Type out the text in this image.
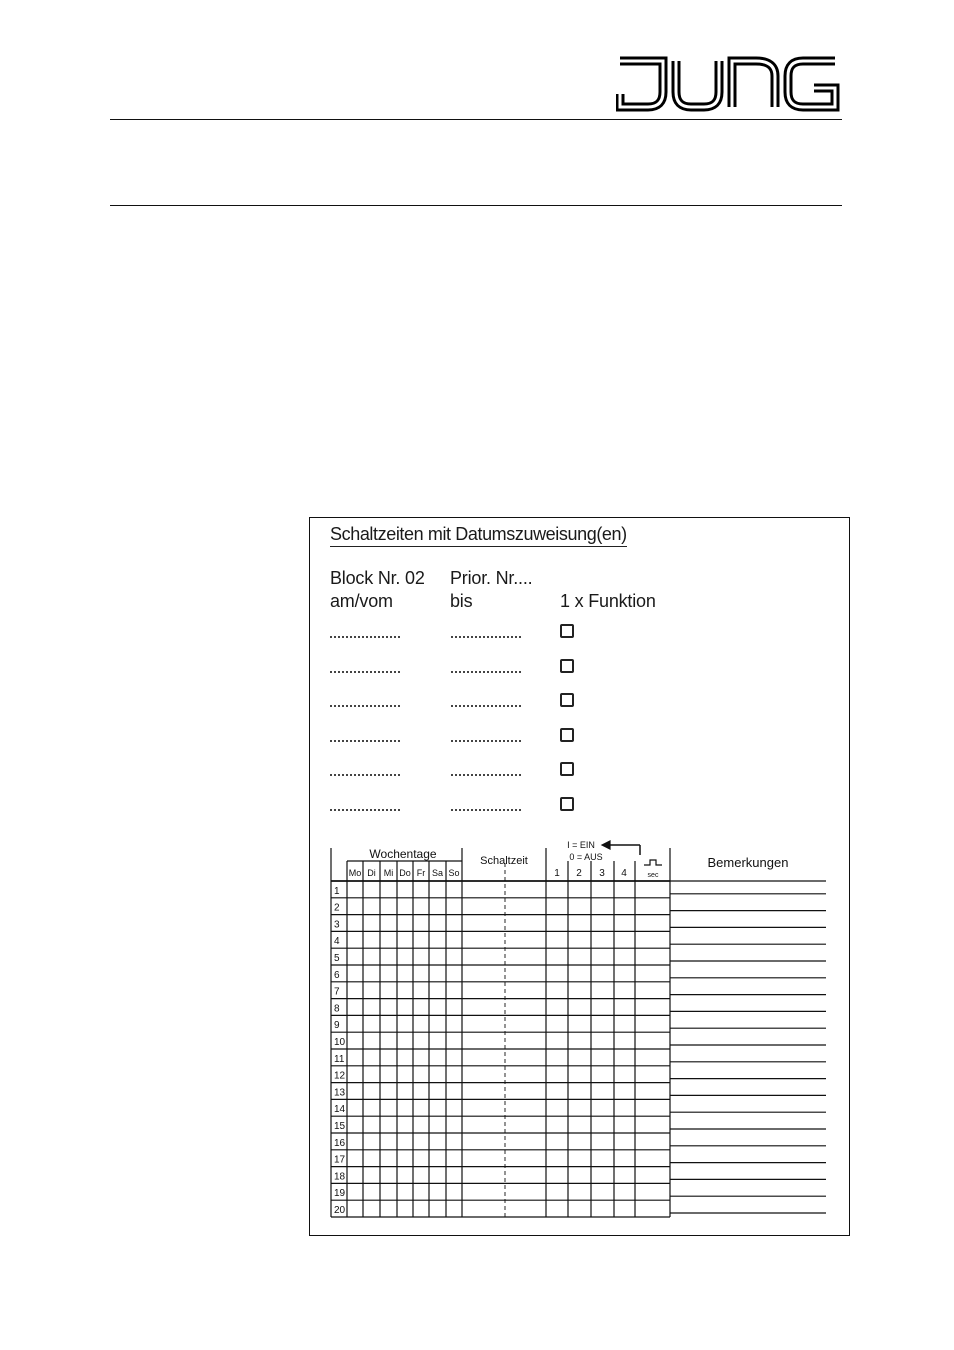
Schaltzeiten mit Datumszuweisung(en)
Block Nr. 02
am/vom
Prior. Nr....
bis	1 x Funktion
Wochentage
Mo Di Mi Do Fr Sa So
Schaltzeit
I = EIN
0 = AUS
1 2 3 4	sec
Bemerkungen
1
2
3
4
5
6
7
8
9
10
11
12
13
14
15
16
17
18
19
20
